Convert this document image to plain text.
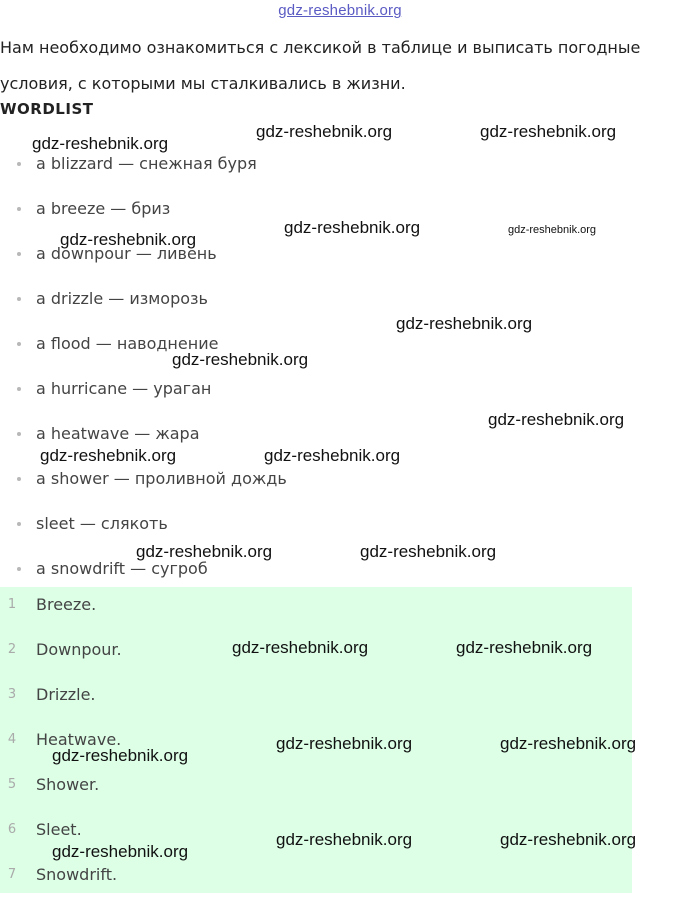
gdz-reshebnik.org
Нам необходимо ознакомиться с лексикой в таблице и выписать погодные
условия, с которыми мы сталкивались в жизни.
WORDLIST
a blizzard — снежная буря
a breeze — бриз
a downpour — ливень
a drizzle — изморозь
a flood — наводнение
a hurricane — ураган
a heatwave — жара
a shower — проливной дождь
sleet — слякоть
a snowdrift — сугроб
1	Breeze.
2	Downpour.
3	Drizzle.
4	Heatwave.
5	Shower.
6	Sleet.
7	Snowdrift.
gdz-reshebnik.org
gdz-reshebnik.org	gdz-reshebnik.org
gdz-reshebnik.org
gdz-reshebnik.org	gdz-reshebnik.org
gdz-reshebnik.org
gdz-reshebnik.org
gdz-reshebnik.org
gdz-reshebnik.org	gdz-reshebnik.org
gdz-reshebnik.org	gdz-reshebnik.org
gdz-reshebnik.org	gdz-reshebnik.org
gdz-reshebnik.org	gdz-reshebnik.org
gdz-reshebnik.org
gdz-reshebnik.org	gdz-reshebnik.org
gdz-reshebnik.org
